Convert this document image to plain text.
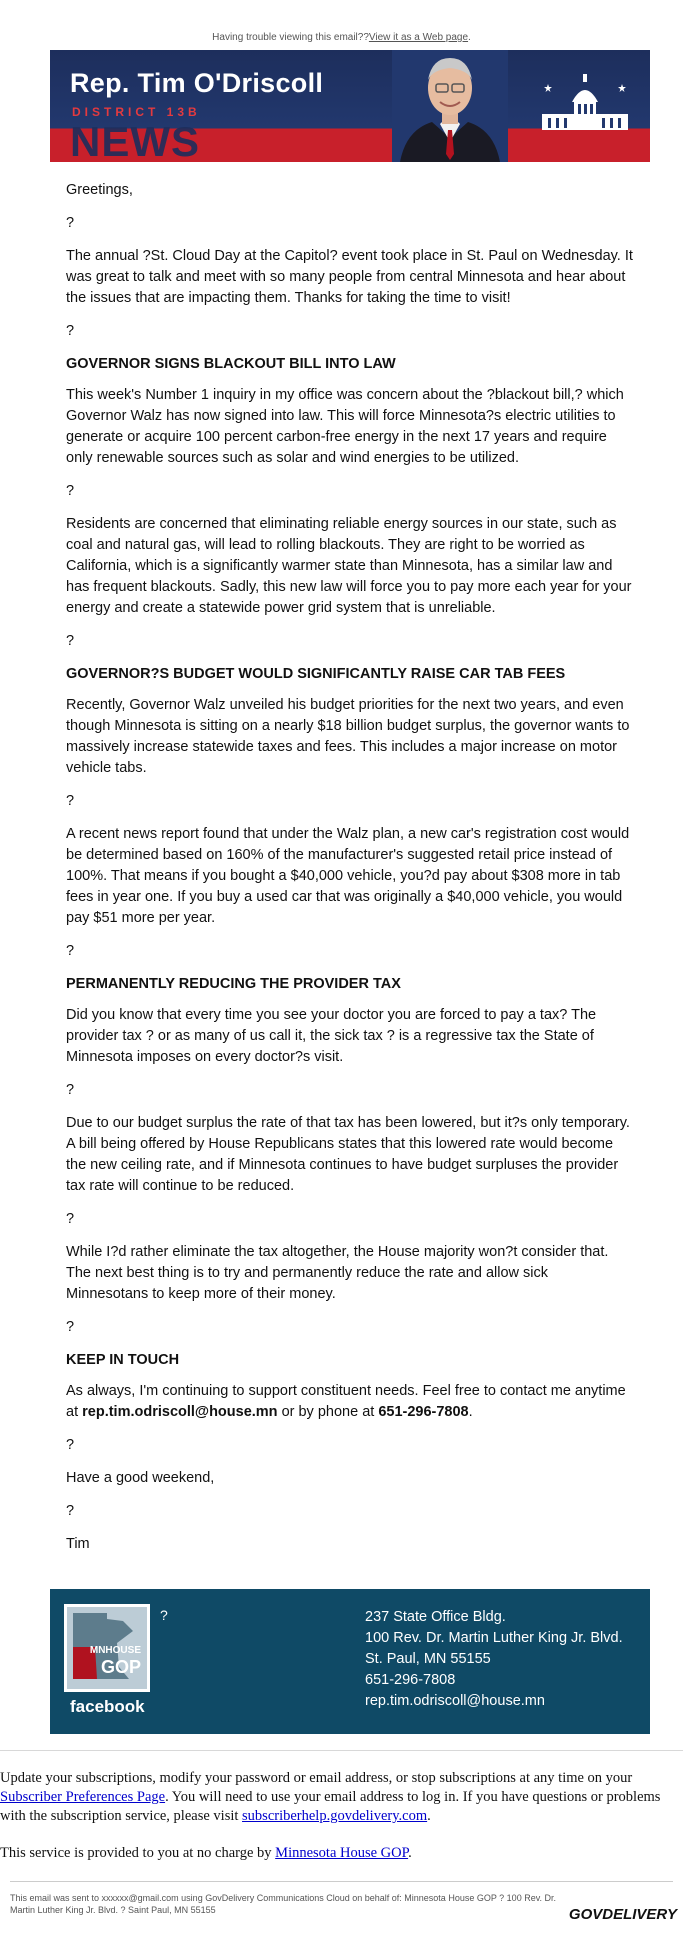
Having trouble viewing this email??View it as a Web page.
Rep. Tim O'Driscoll
DISTRICT 13B
NEWS

Greetings,

?

The annual ?St. Cloud Day at the Capitol? event took place in St. Paul on Wednesday. It was great to talk and meet with so many people from central Minnesota and hear about the issues that are impacting them. Thanks for taking the time to visit!

?

GOVERNOR SIGNS BLACKOUT BILL INTO LAW

This week's Number 1 inquiry in my office was concern about the ?blackout bill,? which Governor Walz has now signed into law. This will force Minnesota?s electric utilities to generate or acquire 100 percent carbon-free energy in the next 17 years and require only renewable sources such as solar and wind energies to be utilized.

?

Residents are concerned that eliminating reliable energy sources in our state, such as coal and natural gas, will lead to rolling blackouts. They are right to be worried as California, which is a significantly warmer state than Minnesota, has a similar law and has frequent blackouts. Sadly, this new law will force you to pay more each year for your energy and create a statewide power grid system that is unreliable.

?

GOVERNOR?S BUDGET WOULD SIGNIFICANTLY RAISE CAR TAB FEES

Recently, Governor Walz unveiled his budget priorities for the next two years, and even though Minnesota is sitting on a nearly $18 billion budget surplus, the governor wants to massively increase statewide taxes and fees. This includes a major increase on motor vehicle tabs.

?

A recent news report found that under the Walz plan, a new car's registration cost would be determined based on 160% of the manufacturer's suggested retail price instead of 100%. That means if you bought a $40,000 vehicle, you?d pay about $308 more in tab fees in year one. If you buy a used car that was originally a $40,000 vehicle, you would pay $51 more per year.

?

PERMANENTLY REDUCING THE PROVIDER TAX

Did you know that every time you see your doctor you are forced to pay a tax? The provider tax ? or as many of us call it, the sick tax ? is a regressive tax the State of Minnesota imposes on every doctor?s visit.

?

Due to our budget surplus the rate of that tax has been lowered, but it?s only temporary. A bill being offered by House Republicans states that this lowered rate would become the new ceiling rate, and if Minnesota continues to have budget surpluses the provider tax rate will continue to be reduced.

?

While I?d rather eliminate the tax altogether, the House majority won?t consider that. The next best thing is to try and permanently reduce the rate and allow sick Minnesotans to keep more of their money.

?

KEEP IN TOUCH

As always, I'm continuing to support constituent needs. Feel free to contact me anytime at rep.tim.odriscoll@house.mn or by phone at 651-296-7808.

?

Have a good weekend,

?

Tim

MNHOUSE
GOP
facebook
?	237 State Office Bldg.
100 Rev. Dr. Martin Luther King Jr. Blvd.
St. Paul, MN 55155
651-296-7808
rep.tim.odriscoll@house.mn

Update your subscriptions, modify your password or email address, or stop subscriptions at any time on your Subscriber Preferences Page. You will need to use your email address to log in. If you have questions or problems with the subscription service, please visit subscriberhelp.govdelivery.com.

This service is provided to you at no charge by Minnesota House GOP.

This email was sent to xxxxxx@gmail.com using GovDelivery Communications Cloud on behalf of: Minnesota House GOP ? 100 Rev. Dr. Martin Luther King Jr. Blvd. ? Saint Paul, MN 55155	GOVDELIVERY
